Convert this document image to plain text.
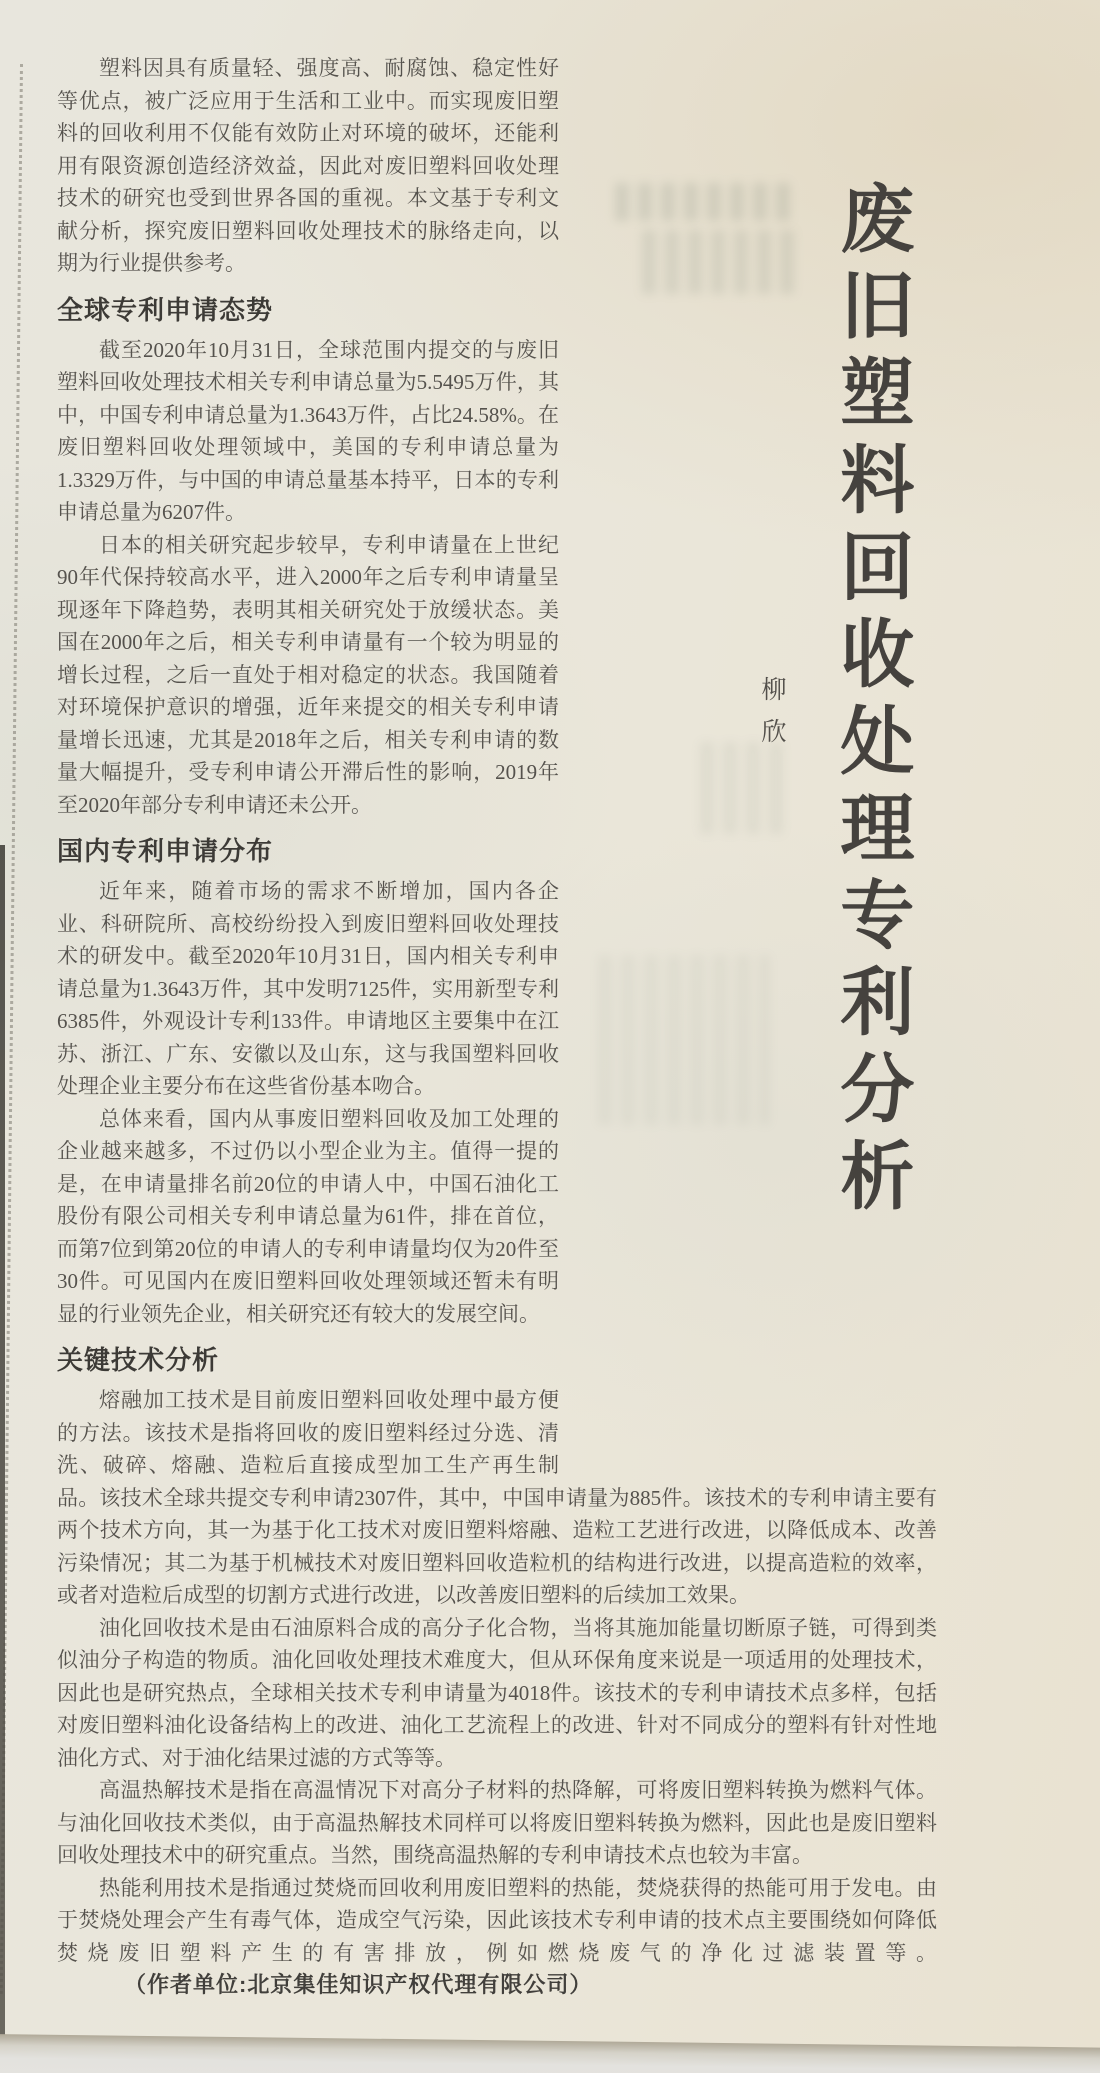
废旧塑料回收处理专利分析
柳欣

塑料因具有质量轻、强度高、耐腐蚀、稳定性好等优点，被广泛应用于生活和工业中。而实现废旧塑料的回收利用不仅能有效防止对环境的破坏，还能利用有限资源创造经济效益，因此对废旧塑料回收处理技术的研究也受到世界各国的重视。本文基于专利文献分析，探究废旧塑料回收处理技术的脉络走向，以期为行业提供参考。

全球专利申请态势

截至2020年10月31日，全球范围内提交的与废旧塑料回收处理技术相关专利申请总量为5.5495万件，其中，中国专利申请总量为1.3643万件，占比24.58%。在废旧塑料回收处理领域中，美国的专利申请总量为1.3329万件，与中国的申请总量基本持平，日本的专利申请总量为6207件。

日本的相关研究起步较早，专利申请量在上世纪90年代保持较高水平，进入2000年之后专利申请量呈现逐年下降趋势，表明其相关研究处于放缓状态。美国在2000年之后，相关专利申请量有一个较为明显的增长过程，之后一直处于相对稳定的状态。我国随着对环境保护意识的增强，近年来提交的相关专利申请量增长迅速，尤其是2018年之后，相关专利申请的数量大幅提升，受专利申请公开滞后性的影响，2019年至2020年部分专利申请还未公开。

国内专利申请分布

近年来，随着市场的需求不断增加，国内各企业、科研院所、高校纷纷投入到废旧塑料回收处理技术的研发中。截至2020年10月31日，国内相关专利申请总量为1.3643万件，其中发明7125件，实用新型专利6385件，外观设计专利133件。申请地区主要集中在江苏、浙江、广东、安徽以及山东，这与我国塑料回收处理企业主要分布在这些省份基本吻合。

总体来看，国内从事废旧塑料回收及加工处理的企业越来越多，不过仍以小型企业为主。值得一提的是，在申请量排名前20位的申请人中，中国石油化工股份有限公司相关专利申请总量为61件，排在首位，而第7位到第20位的申请人的专利申请量均仅为20件至30件。可见国内在废旧塑料回收处理领域还暂未有明显的行业领先企业，相关研究还有较大的发展空间。

关键技术分析

熔融加工技术是目前废旧塑料回收处理中最方便的方法。该技术是指将回收的废旧塑料经过分选、清洗、破碎、熔融、造粒后直接成型加工生产再生制品。该技术全球共提交专利申请2307件，其中，中国申请量为885件。该技术的专利申请主要有两个技术方向，其一为基于化工技术对废旧塑料熔融、造粒工艺进行改进，以降低成本、改善污染情况；其二为基于机械技术对废旧塑料回收造粒机的结构进行改进，以提高造粒的效率，或者对造粒后成型的切割方式进行改进，以改善废旧塑料的后续加工效果。

油化回收技术是由石油原料合成的高分子化合物，当将其施加能量切断原子链，可得到类似油分子构造的物质。油化回收处理技术难度大，但从环保角度来说是一项适用的处理技术，因此也是研究热点，全球相关技术专利申请量为4018件。该技术的专利申请技术点多样，包括对废旧塑料油化设备结构上的改进、油化工艺流程上的改进、针对不同成分的塑料有针对性地油化方式、对于油化结果过滤的方式等等。

高温热解技术是指在高温情况下对高分子材料的热降解，可将废旧塑料转换为燃料气体。与油化回收技术类似，由于高温热解技术同样可以将废旧塑料转换为燃料，因此也是废旧塑料回收处理技术中的研究重点。当然，围绕高温热解的专利申请技术点也较为丰富。

热能利用技术是指通过焚烧而回收利用废旧塑料的热能，焚烧获得的热能可用于发电。由于焚烧处理会产生有毒气体，造成空气污染，因此该技术专利申请的技术点主要围绕如何降低焚烧废旧塑料产生的有害排放，例如燃烧废气的净化过滤装置等。（作者单位:北京集佳知识产权代理有限公司）
